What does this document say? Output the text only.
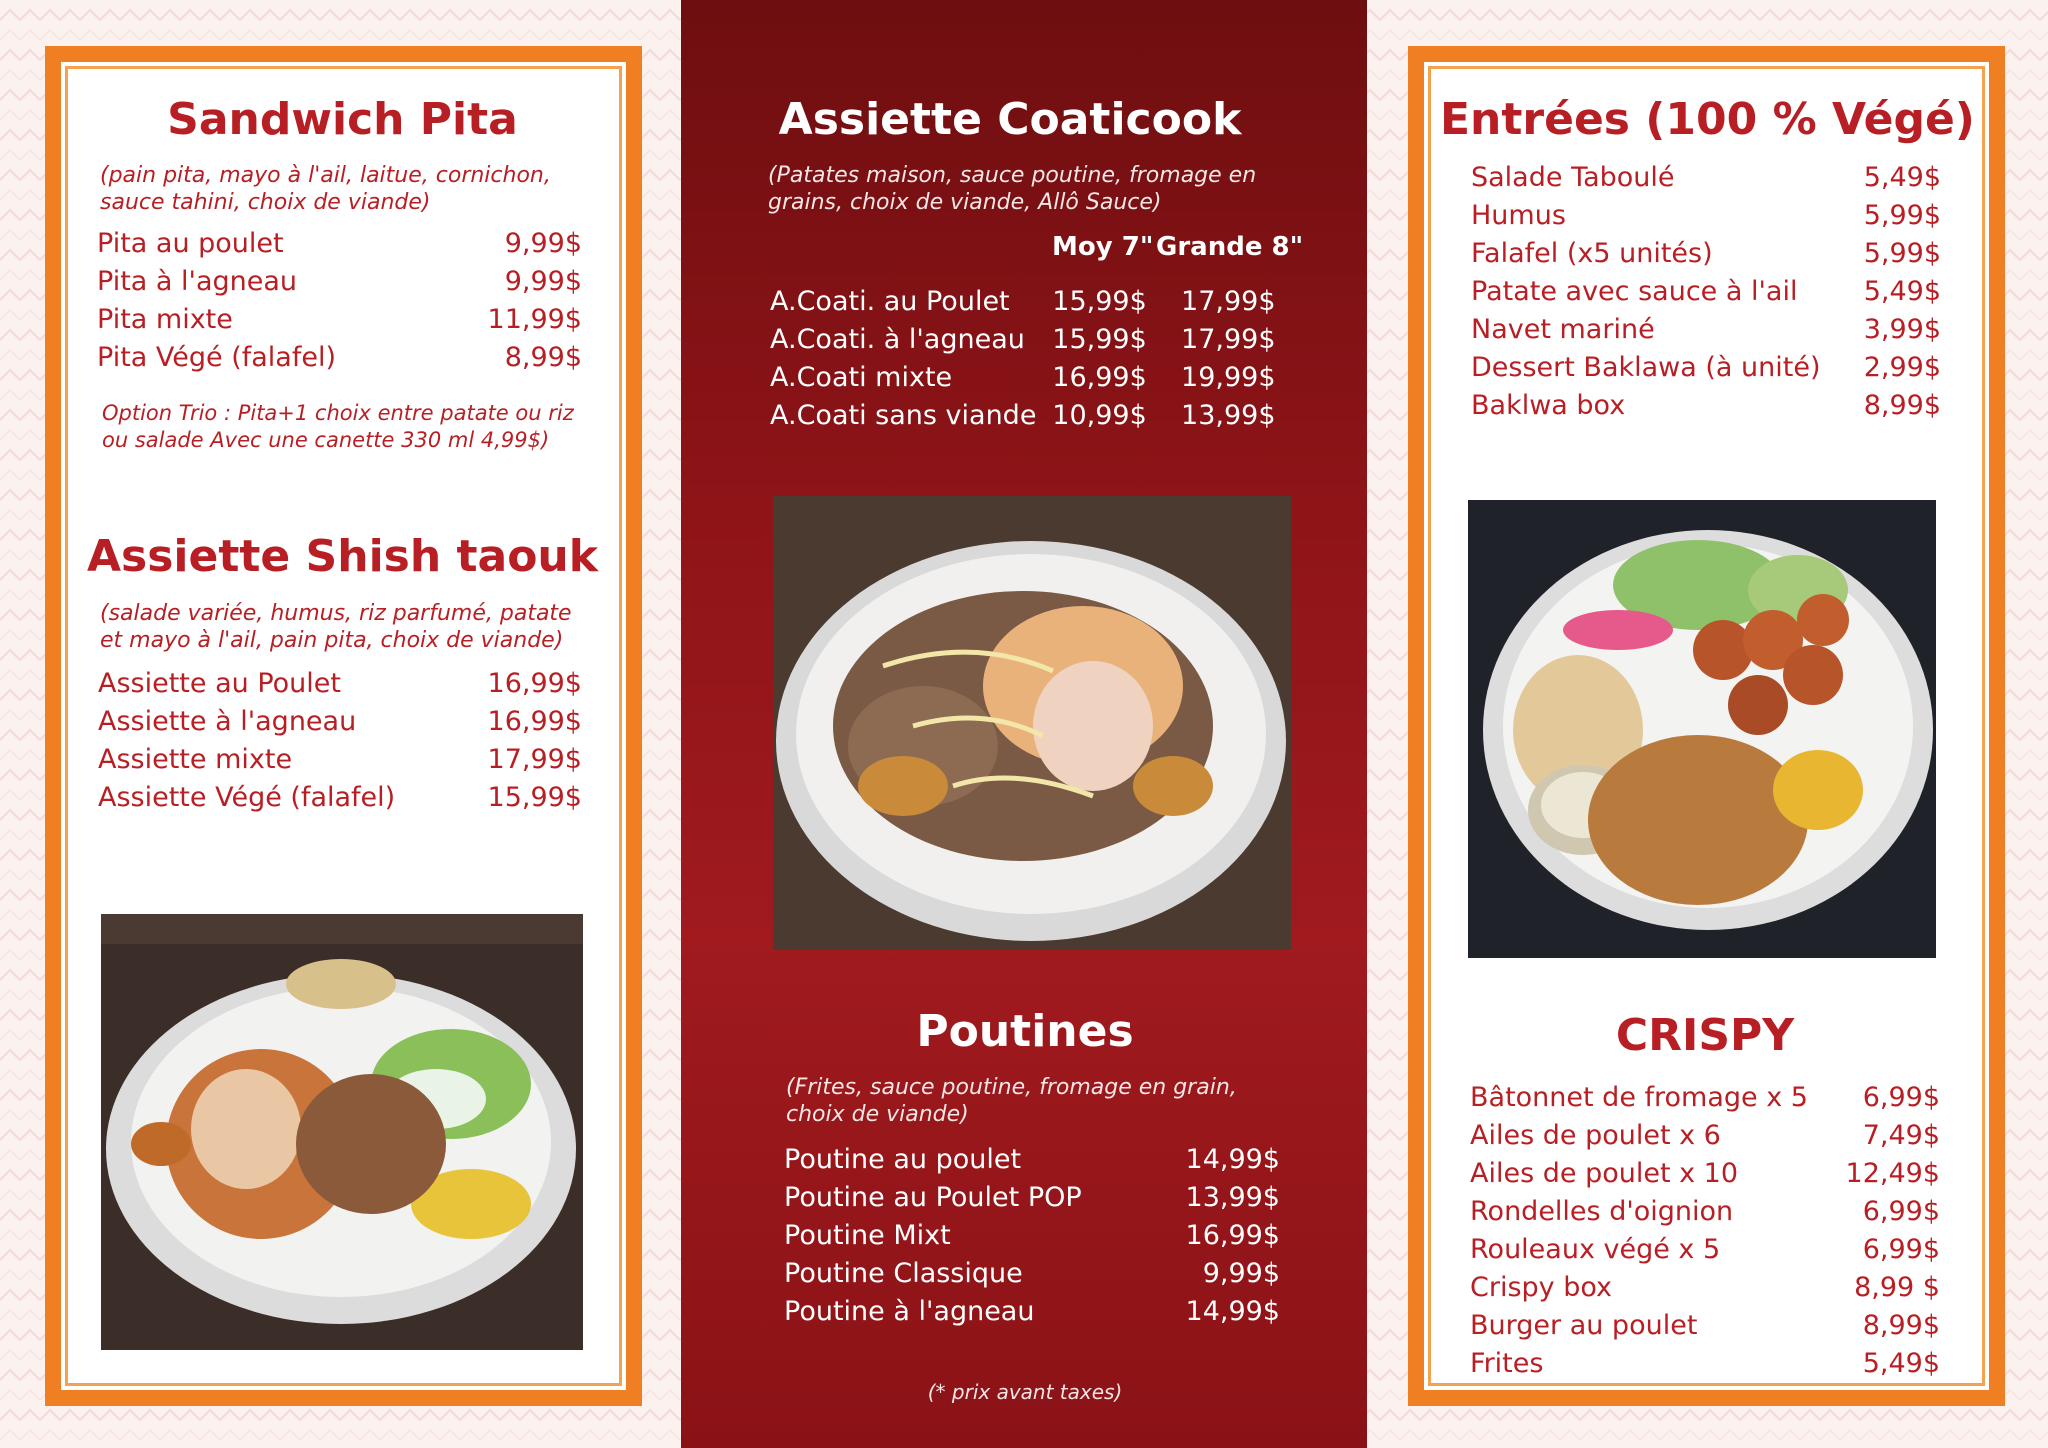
Sandwich Pita

(pain pita, mayo à l'ail, laitue, cornichon, sauce tahini, choix de viande)

Pita au poulet	9,99$
Pita à l'agneau	9,99$
Pita mixte	11,99$
Pita Végé (falafel)	8,99$

Option Trio : Pita+1 choix entre patate ou riz ou salade Avec une canette 330 ml 4,99$)

Assiette Shish taouk

(salade variée, humus, riz parfumé, patate et mayo à l'ail, pain pita, choix de viande)

Assiette au Poulet	16,99$
Assiette à l'agneau	16,99$
Assiette mixte	17,99$
Assiette Végé (falafel)	15,99$
Assiette Coaticook

(Patates maison, sauce poutine, fromage en grains, choix de viande, Allô Sauce)

Moy 7" Grande 8"
A.Coati. au Poulet	15,99$	17,99$
A.Coati. à l'agneau	15,99$	17,99$
A.Coati mixte	16,99$	19,99$
A.Coati sans viande 10,99$	13,99$
Poutines

(Frites, sauce poutine, fromage en grain, choix de viande)

Poutine au poulet	14,99$
Poutine au Poulet POP	13,99$
Poutine Mixt	16,99$
Poutine Classique	9,99$
Poutine à l'agneau	14,99$
(* prix avant taxes)
Entrées (100 % Végé)
Salade Taboulé	5,49$
Humus	5,99$
Falafel (x5 unités)	5,99$
Patate avec sauce à l'ail 5,49$
Navet mariné	3,99$
Dessert Baklawa (à unité) 2,99$
Baklwa box	8,99$
CRISPY
Bâtonnet de fromage x 5 6,99$
Ailes de poulet x 6	7,49$
Ailes de poulet x 10	12,49$
Rondelles d'oignion	6,99$
Rouleaux végé x 5	6,99$
Crispy box	8,99 $
Burger au poulet	8,99$
Frites	5,49$
